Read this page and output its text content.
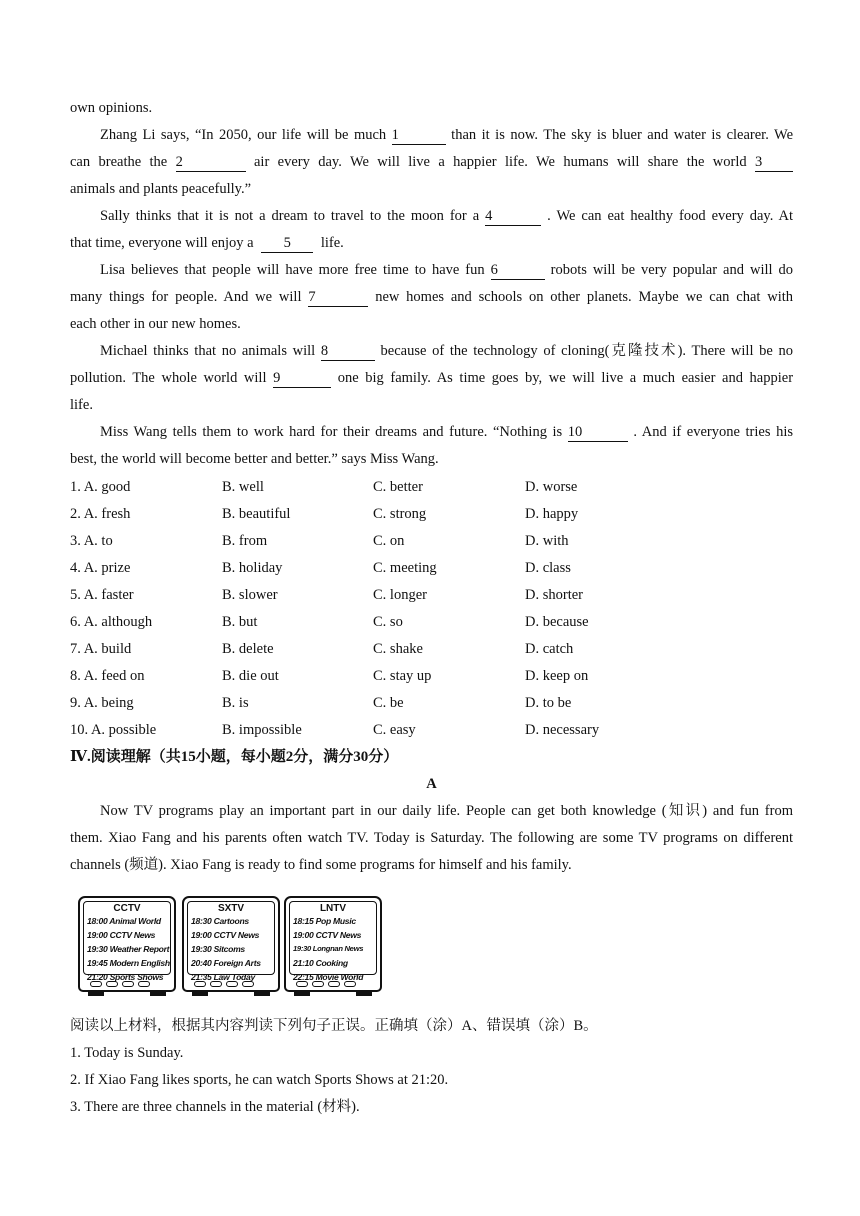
own opinions.
Zhang Li says, “In 2050, our life will be much 1	than it is now. The sky is bluer and water is clearer. We
can breathe the 2	air every day. We will live a happier life. We humans will share the world 3
animals and plants peacefully.”
Sally thinks that it is not a dream to travel to the moon for a 4	. We can eat healthy food every day. At
that time, everyone will enjoy a 5 life.
Lisa believes that people will have more free time to have fun 6	robots will be very popular and will do
many things for people. And we will 7	new homes and schools on other planets. Maybe we can chat with
each other in our new homes.
Michael thinks that no animals will 8	because of the technology of cloning(克隆技术). There will be no
pollution. The whole world will 9	one big family. As time goes by, we will live a much easier and happier
life.
Miss Wang tells them to work hard for their dreams and future. “Nothing is 10	. And if everyone tries his
best, the world will become better and better.” says Miss Wang.
1. A. good	B. well	C. better	D. worse
2. A. fresh	B. beautiful	C. strong	D. happy
3. A. to	B. from	C. on	D. with
4. A. prize	B. holiday	C. meeting	D. class
5. A. faster	B. slower	C. longer	D. shorter
6. A. although	B. but	C. so	D. because
7. A. build	B. delete	C. shake	D. catch
8. A. feed on	B. die out	C. stay up	D. keep on
9. A. being	B. is	C. be	D. to be
10. A. possible	B. impossible	C. easy	D. necessary
Ⅳ.阅读理解（共15小题，每小题2分，满分30分）
A
Now TV programs play an important part in our daily life. People can get both knowledge (知识) and fun from
them. Xiao Fang and his parents often watch TV. Today is Saturday. The following are some TV programs on different
channels (频道). Xiao Fang is ready to find some programs for himself and his family.
阅读以上材料，根据其内容判读下列句子正误。正确填（涂）A、错误填（涂）B。
1. Today is Sunday.
2. If Xiao Fang likes sports, he can watch Sports Shows at 21:20.
3. There are three channels in the material (材料).
CCTV
18:00 Animal World
19:00 CCTV News
19:30 Weather Report
19:45 Modern English
21:20 Sports Shows
SXTV
18:30 Cartoons
19:00 CCTV News
19:30 Sitcoms
20:40 Foreign Arts
21:35 Law Today
LNTV
18:15 Pop Music
19:00 CCTV News
19:30 Longnan News
21:10 Cooking
22:15 Movie World
